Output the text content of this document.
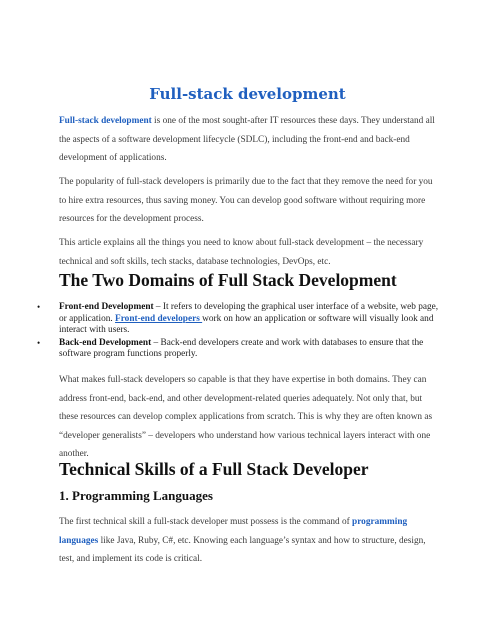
Full-stack development

Full-stack development is one of the most sought-after IT resources these days. They understand all the aspects of a software development lifecycle (SDLC), including the front-end and back-end development of applications.

The popularity of full-stack developers is primarily due to the fact that they remove the need for you to hire extra resources, thus saving money. You can develop good software without requiring more resources for the development process.

This article explains all the things you need to know about full-stack development – the necessary technical and soft skills, tech stacks, database technologies, DevOps, etc.

The Two Domains of Full Stack Development
• Front-end Development – It refers to developing the graphical user interface of a website, web page, or application. Front-end developers work on how an application or software will visually look and interact with users.
• Back-end Development – Back-end developers create and work with databases to ensure that the software program functions properly.

What makes full-stack developers so capable is that they have expertise in both domains. They can address front-end, back-end, and other development-related queries adequately. Not only that, but these resources can develop complex applications from scratch. This is why they are often known as “developer generalists” – developers who understand how various technical layers interact with one another.

Technical Skills of a Full Stack Developer
1. Programming Languages

The first technical skill a full-stack developer must possess is the command of programming languages like Java, Ruby, C#, etc. Knowing each language’s syntax and how to structure, design, test, and implement its code is critical.
